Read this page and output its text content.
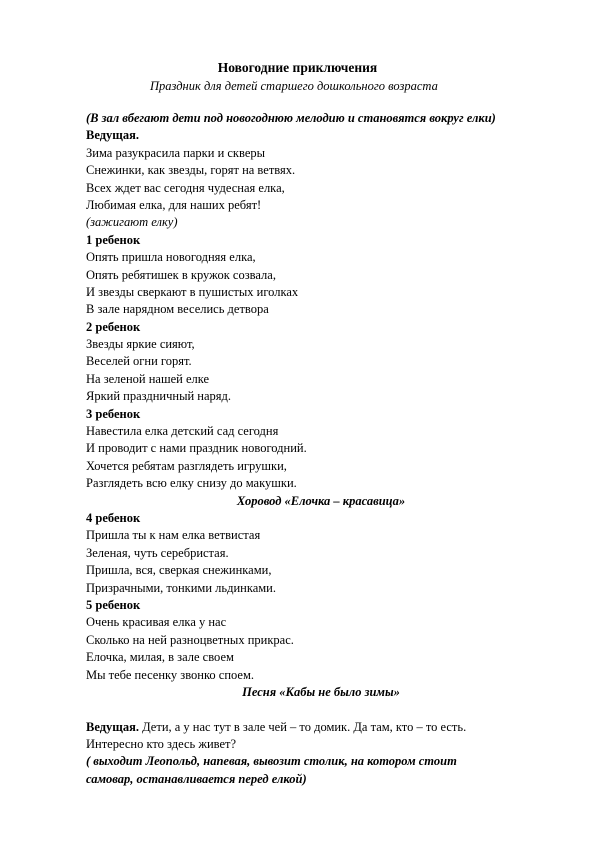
Новогодние приключения
Праздник для детей старшего дошкольного возраста
(В зал вбегают дети под новогоднюю мелодию и становятся вокруг елки)
Ведущая.
Зима разукрасила парки и скверы
Снежинки, как звезды, горят на ветвях.
Всех ждет вас сегодня чудесная елка,
Любимая елка, для наших ребят!
(зажигают елку)
1 ребенок
Опять пришла новогодняя елка,
Опять ребятишек в кружок созвала,
И звезды сверкают в пушистых иголках
В зале нарядном веселись детвора
2 ребенок
Звезды яркие сияют,
Веселей огни горят.
На зеленой нашей елке
Яркий праздничный наряд.
3 ребенок
Навестила елка детский сад сегодня
И проводит с нами праздник новогодний.
Хочется ребятам разглядеть игрушки,
Разглядеть всю елку снизу до макушки.
Хоровод «Елочка – красавица»
4 ребенок
Пришла ты к нам елка ветвистая
Зеленая, чуть серебристая.
Пришла, вся, сверкая снежинками,
Призрачными, тонкими льдинками.
5 ребенок
Очень красивая елка у нас
Сколько на ней разноцветных прикрас.
Елочка, милая, в зале своем
Мы тебе песенку звонко споем.
Песня «Кабы не было зимы»
Ведущая. Дети, а у нас тут в зале чей – то домик. Да там, кто – то есть.
Интересно кто здесь живет?
( выходит Леопольд, напевая, вывозит столик, на котором стоит
самовар, останавливается перед елкой)
